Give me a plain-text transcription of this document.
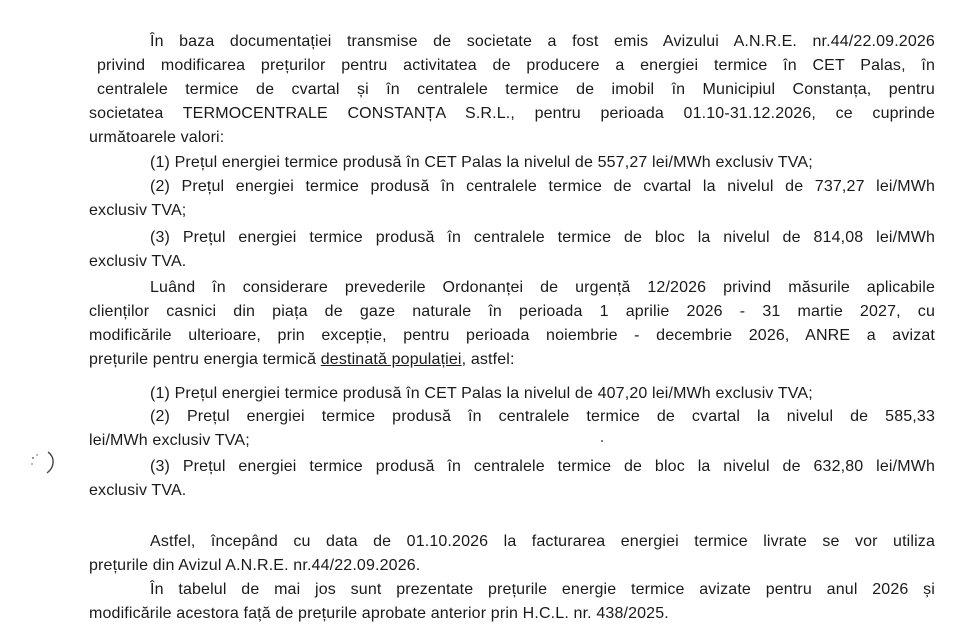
În baza documentației transmise de societate a fost emis Avizului A.N.R.E. nr.44/22.09.2026
privind modificarea prețurilor pentru activitatea de producere a energiei termice în CET Palas, în
centralele termice de cvartal și în centralele termice de imobil în Municipiul Constanța, pentru
societatea TERMOCENTRALE CONSTANȚA S.R.L., pentru perioada 01.10-31.12.2026, ce cuprinde
următoarele valori:
(1) Prețul energiei termice produsă în CET Palas la nivelul de 557,27 lei/MWh exclusiv TVA;
(2) Prețul energiei termice produsă în centralele termice de cvartal la nivelul de 737,27 lei/MWh
exclusiv TVA;
(3) Prețul energiei termice produsă în centralele termice de bloc la nivelul de 814,08 lei/MWh
exclusiv TVA.
Luând în considerare prevederile Ordonanței de urgență 12/2026 privind măsurile aplicabile
clienților casnici din piața de gaze naturale în perioada 1 aprilie 2026 - 31 martie 2027, cu
modificările ulterioare, prin excepție, pentru perioada noiembrie - decembrie 2026, ANRE a avizat
prețurile pentru energia termică destinată populației, astfel:
(1) Prețul energiei termice produsă în CET Palas la nivelul de 407,20 lei/MWh exclusiv TVA;
(2) Prețul energiei termice produsă în centralele termice de cvartal la nivelul de 585,33
lei/MWh exclusiv TVA;
(3) Prețul energiei termice produsă în centralele termice de bloc la nivelul de 632,80 lei/MWh
exclusiv TVA.
Astfel, începând cu data de 01.10.2026 la facturarea energiei termice livrate se vor utiliza
prețurile din Avizul A.N.R.E. nr.44/22.09.2026.
În tabelul de mai jos sunt prezentate prețurile energie termice avizate pentru anul 2026 și
modificările acestora față de prețurile aprobate anterior prin H.C.L. nr. 438/2025.
